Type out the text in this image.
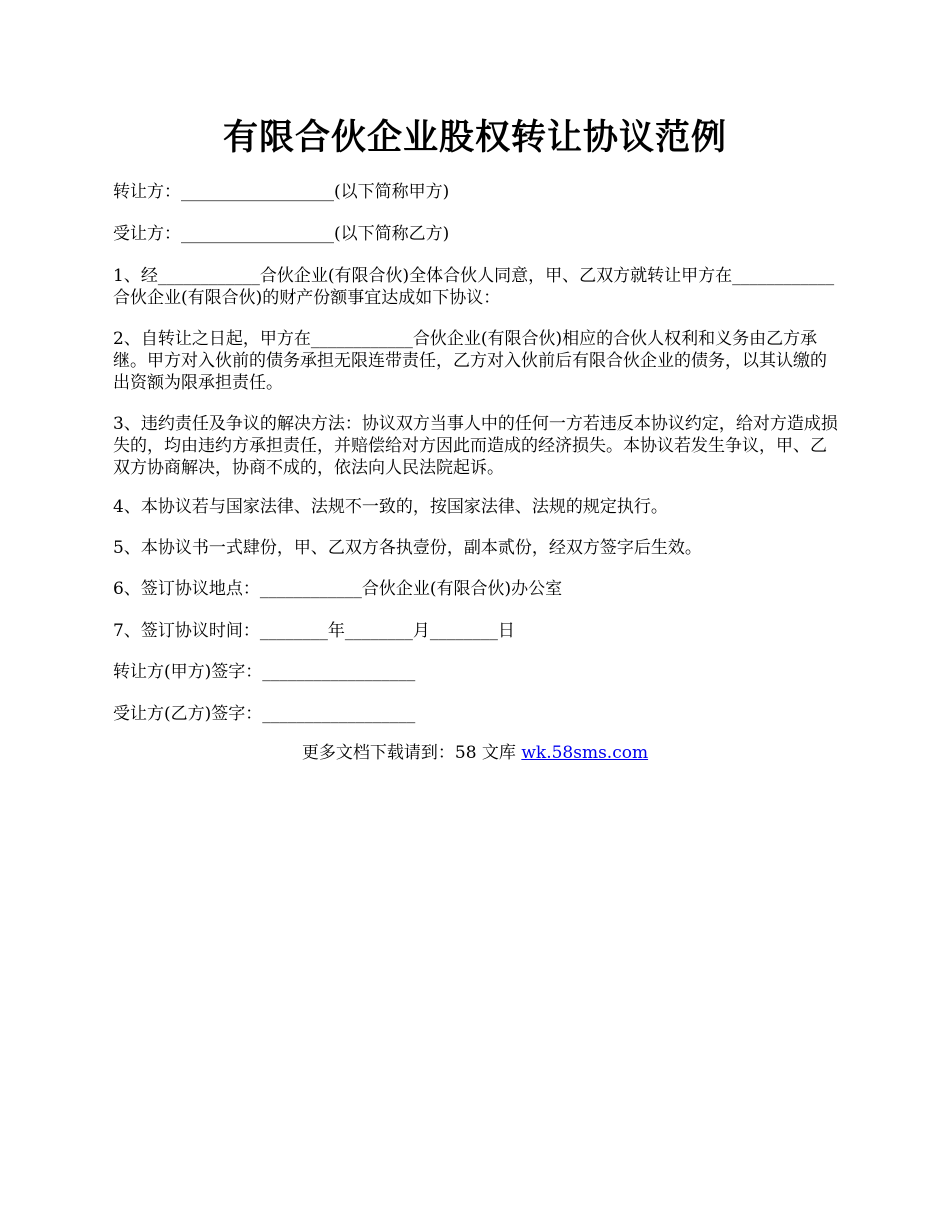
有限合伙企业股权转让协议范例

转让方：__________________(以下简称甲方)

受让方：__________________(以下简称乙方)

1、经____________合伙企业(有限合伙)全体合伙人同意，甲、乙双方就转让甲方在____________合伙企业(有限合伙)的财产份额事宜达成如下协议：

2、自转让之日起，甲方在____________合伙企业(有限合伙)相应的合伙人权利和义务由乙方承继。甲方对入伙前的债务承担无限连带责任，乙方对入伙前后有限合伙企业的债务，以其认缴的出资额为限承担责任。

3、违约责任及争议的解决方法：协议双方当事人中的任何一方若违反本协议约定，给对方造成损失的，均由违约方承担责任，并赔偿给对方因此而造成的经济损失。本协议若发生争议，甲、乙双方协商解决，协商不成的，依法向人民法院起诉。

4、本协议若与国家法律、法规不一致的，按国家法律、法规的规定执行。

5、本协议书一式肆份，甲、乙双方各执壹份，副本贰份，经双方签字后生效。

6、签订协议地点：____________合伙企业(有限合伙)办公室

7、签订协议时间：________年________月________日

转让方(甲方)签字：__________________

受让方(乙方)签字：__________________

更多文档下载请到：58 文库 wk.58sms.com
